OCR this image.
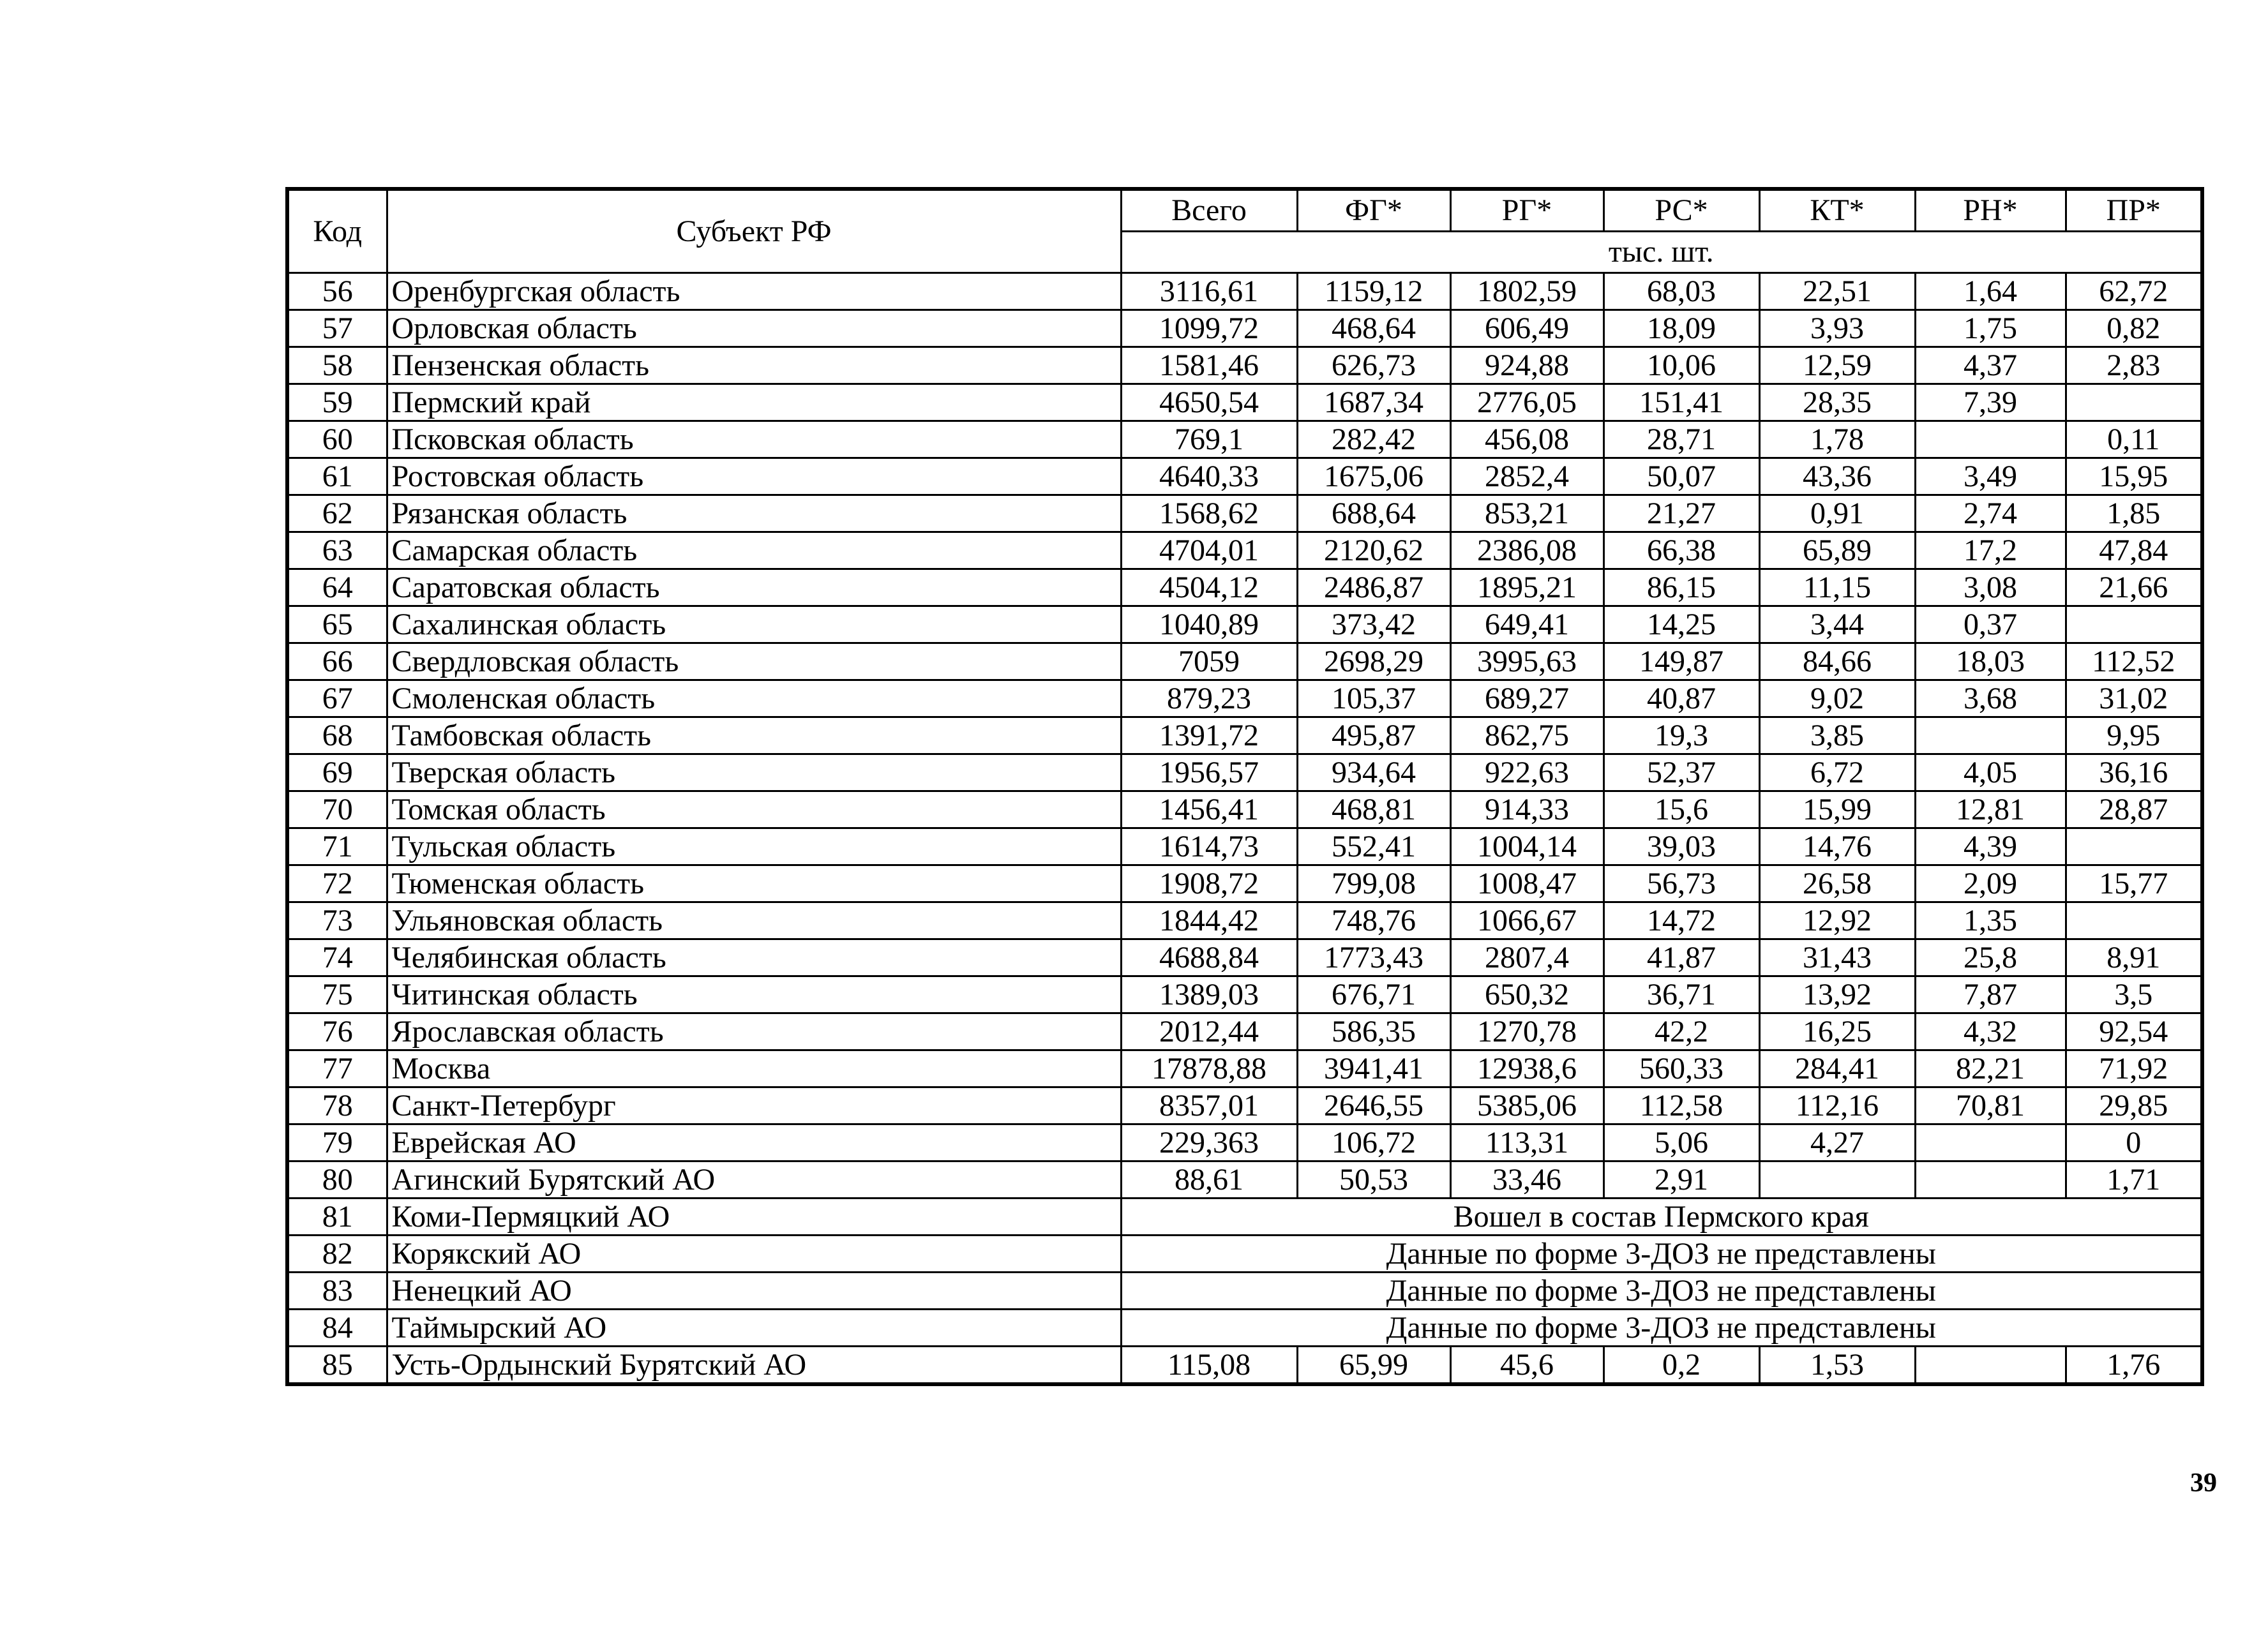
Код	Субъект РФ	Всего	ФГ*	РГ*	РС*	КТ*	РН*	ПР*
		тыс. шт.						
56	Оренбургская область	3116,61	1159,12	1802,59	68,03	22,51	1,64	62,72
57	Орловская область	1099,72	468,64	606,49	18,09	3,93	1,75	0,82
58	Пензенская область	1581,46	626,73	924,88	10,06	12,59	4,37	2,83
59	Пермский край	4650,54	1687,34	2776,05	151,41	28,35	7,39	
60	Псковская область	769,1	282,42	456,08	28,71	1,78		0,11
61	Ростовская область	4640,33	1675,06	2852,4	50,07	43,36	3,49	15,95
62	Рязанская область	1568,62	688,64	853,21	21,27	0,91	2,74	1,85
63	Самарская область	4704,01	2120,62	2386,08	66,38	65,89	17,2	47,84
64	Саратовская область	4504,12	2486,87	1895,21	86,15	11,15	3,08	21,66
65	Сахалинская область	1040,89	373,42	649,41	14,25	3,44	0,37	
66	Свердловская область	7059	2698,29	3995,63	149,87	84,66	18,03	112,52
67	Смоленская область	879,23	105,37	689,27	40,87	9,02	3,68	31,02
68	Тамбовская область	1391,72	495,87	862,75	19,3	3,85		9,95
69	Тверская область	1956,57	934,64	922,63	52,37	6,72	4,05	36,16
70	Томская область	1456,41	468,81	914,33	15,6	15,99	12,81	28,87
71	Тульская область	1614,73	552,41	1004,14	39,03	14,76	4,39	
72	Тюменская область	1908,72	799,08	1008,47	56,73	26,58	2,09	15,77
73	Ульяновская область	1844,42	748,76	1066,67	14,72	12,92	1,35	
74	Челябинская область	4688,84	1773,43	2807,4	41,87	31,43	25,8	8,91
75	Читинская область	1389,03	676,71	650,32	36,71	13,92	7,87	3,5
76	Ярославская область	2012,44	586,35	1270,78	42,2	16,25	4,32	92,54
77	Москва	17878,88	3941,41	12938,6	560,33	284,41	82,21	71,92
78	Санкт-Петербург	8357,01	2646,55	5385,06	112,58	112,16	70,81	29,85
79	Еврейская АО	229,363	106,72	113,31	5,06	4,27		0
80	Агинский Бурятский АО	88,61	50,53	33,46	2,91			1,71
81	Коми-Пермяцкий АО	Вошел в состав Пермского края						
82	Корякский АО	Данные по форме 3-ДОЗ не представлены						
83	Ненецкий АО	Данные по форме 3-ДОЗ не представлены						
84	Таймырский АО	Данные по форме 3-ДОЗ не представлены						
85	Усть-Ордынский Бурятский АО	115,08	65,99	45,6	0,2	1,53		1,76
39
